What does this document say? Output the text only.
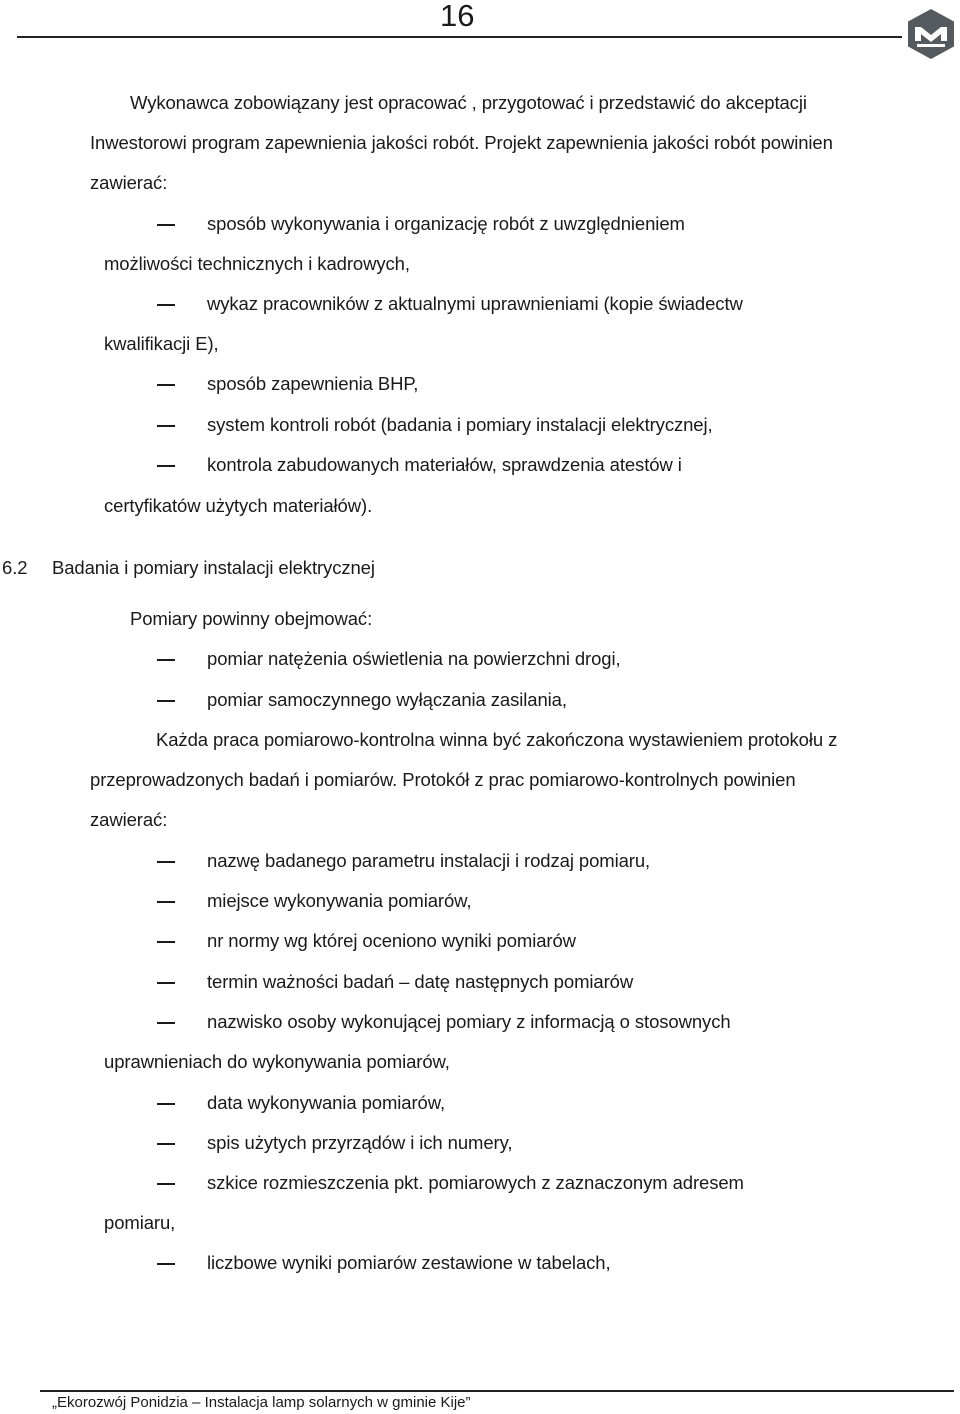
16
Wykonawca zobowiązany jest opracować , przygotować i przedstawić do akceptacji
Inwestorowi program zapewnienia jakości robót. Projekt zapewnienia jakości robót powinien
zawierać:
sposób wykonywania i organizację robót z uwzględnieniem
możliwości technicznych i kadrowych,
wykaz pracowników z aktualnymi uprawnieniami (kopie świadectw
kwalifikacji E),
sposób zapewnienia BHP,
system kontroli robót (badania i pomiary instalacji elektrycznej,
kontrola zabudowanych materiałów, sprawdzenia atestów i
certyfikatów użytych materiałów).
6.2 Badania i pomiary instalacji elektrycznej
Pomiary powinny obejmować:
pomiar natężenia oświetlenia na powierzchni drogi,
pomiar samoczynnego wyłączania zasilania,
Każda praca pomiarowo-kontrolna winna być zakończona wystawieniem protokołu z
przeprowadzonych badań i pomiarów. Protokół z prac pomiarowo-kontrolnych powinien
zawierać:
nazwę badanego parametru instalacji i rodzaj pomiaru,
miejsce wykonywania pomiarów,
nr normy wg której oceniono wyniki pomiarów
termin ważności badań – datę następnych pomiarów
nazwisko osoby wykonującej pomiary z informacją o stosownych
uprawnieniach do wykonywania pomiarów,
data wykonywania pomiarów,
spis użytych przyrządów i ich numery,
szkice rozmieszczenia pkt. pomiarowych z zaznaczonym adresem
pomiaru,
liczbowe wyniki pomiarów zestawione w tabelach,
„Ekorozwój Ponidzia – Instalacja lamp solarnych w gminie Kije”
